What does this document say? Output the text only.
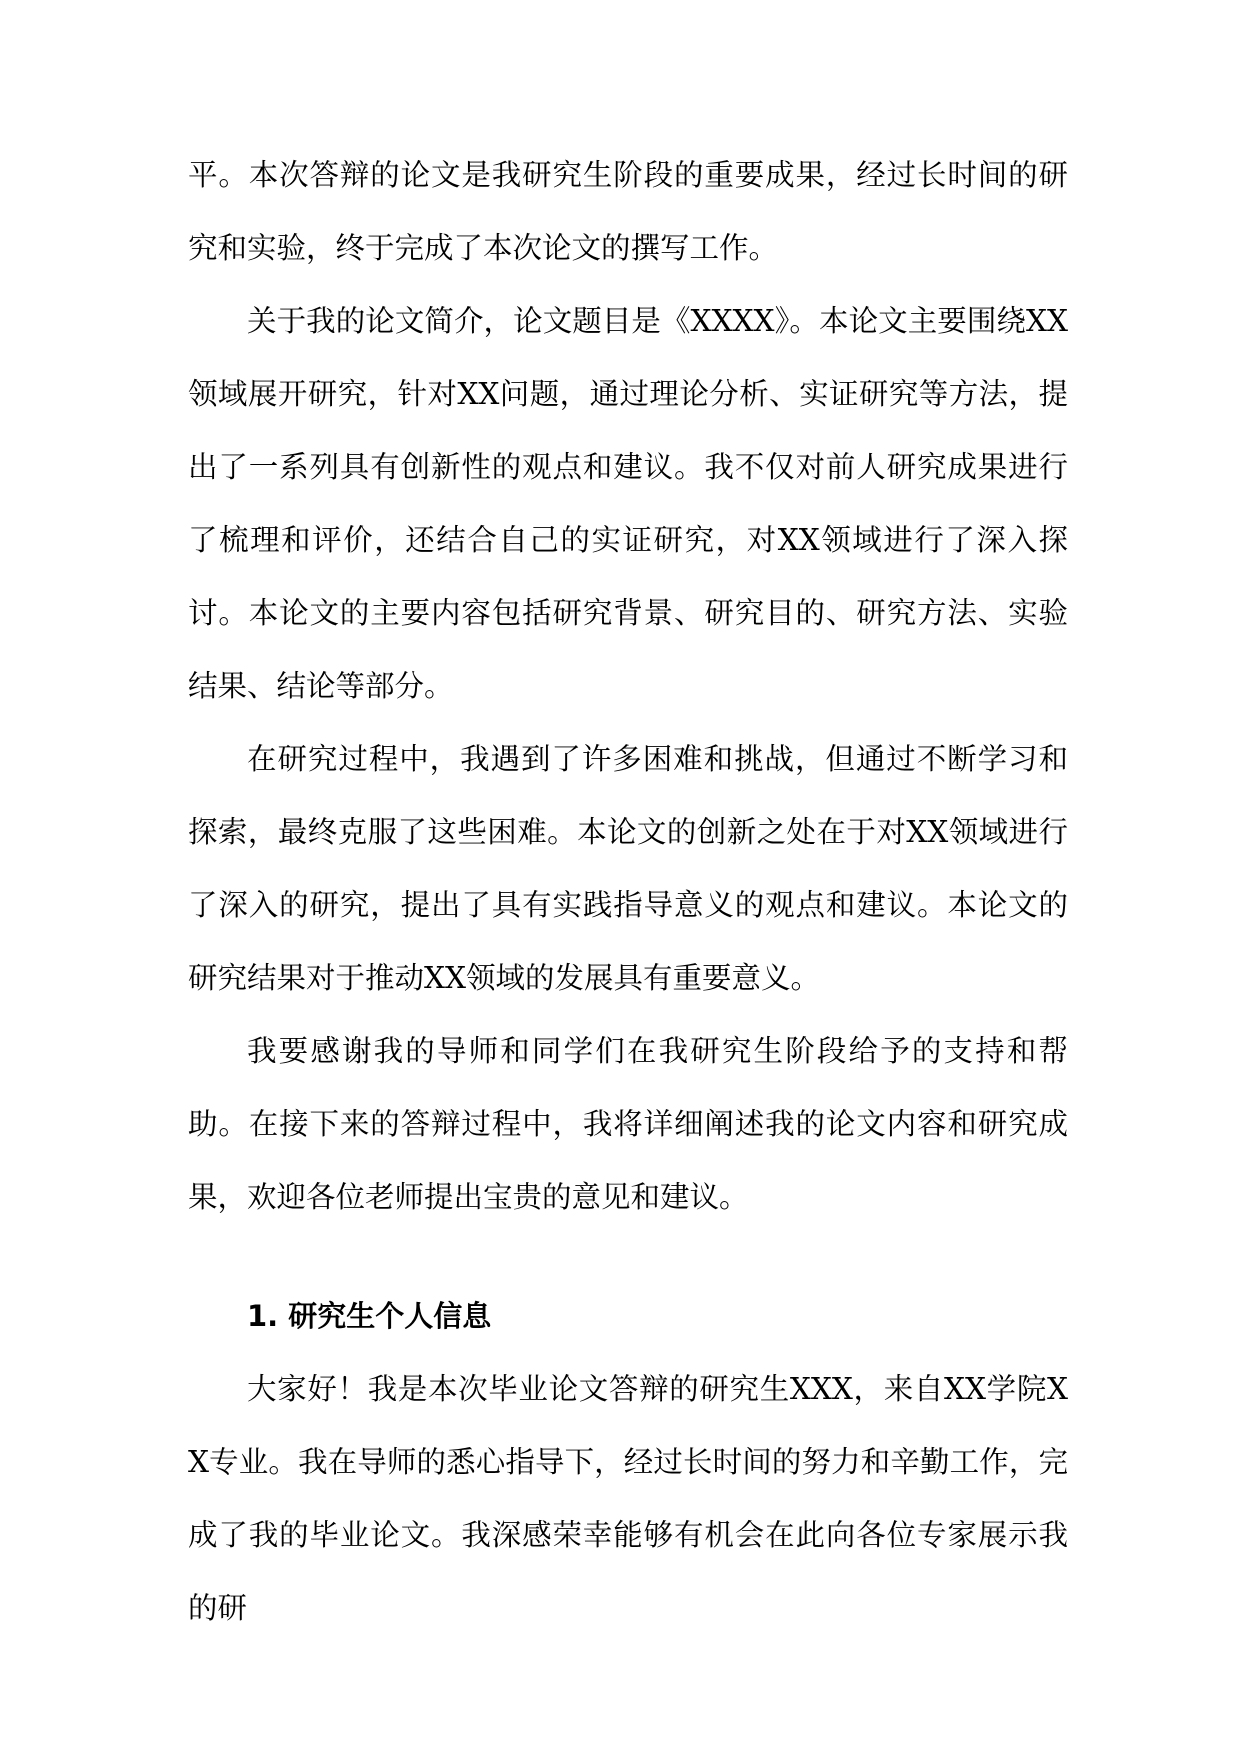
平。本次答辩的论文是我研究生阶段的重要成果，经过长时间的研究和实验，终于完成了本次论文的撰写工作。

关于我的论文简介，论文题目是《XXXX》。本论文主要围绕XX领域展开研究，针对XX问题，通过理论分析、实证研究等方法，提出了一系列具有创新性的观点和建议。我不仅对前人研究成果进行了梳理和评价，还结合自己的实证研究，对XX领域进行了深入探讨。本论文的主要内容包括研究背景、研究目的、研究方法、实验结果、结论等部分。

在研究过程中，我遇到了许多困难和挑战，但通过不断学习和探索，最终克服了这些困难。本论文的创新之处在于对XX领域进行了深入的研究，提出了具有实践指导意义的观点和建议。本论文的研究结果对于推动XX领域的发展具有重要意义。

我要感谢我的导师和同学们在我研究生阶段给予的支持和帮助。在接下来的答辩过程中，我将详细阐述我的论文内容和研究成果，欢迎各位老师提出宝贵的意见和建议。

1. 研究生个人信息

大家好！我是本次毕业论文答辩的研究生XXX，来自XX学院XX专业。我在导师的悉心指导下，经过长时间的努力和辛勤工作，完成了我的毕业论文。我深感荣幸能够有机会在此向各位专家展示我的研
